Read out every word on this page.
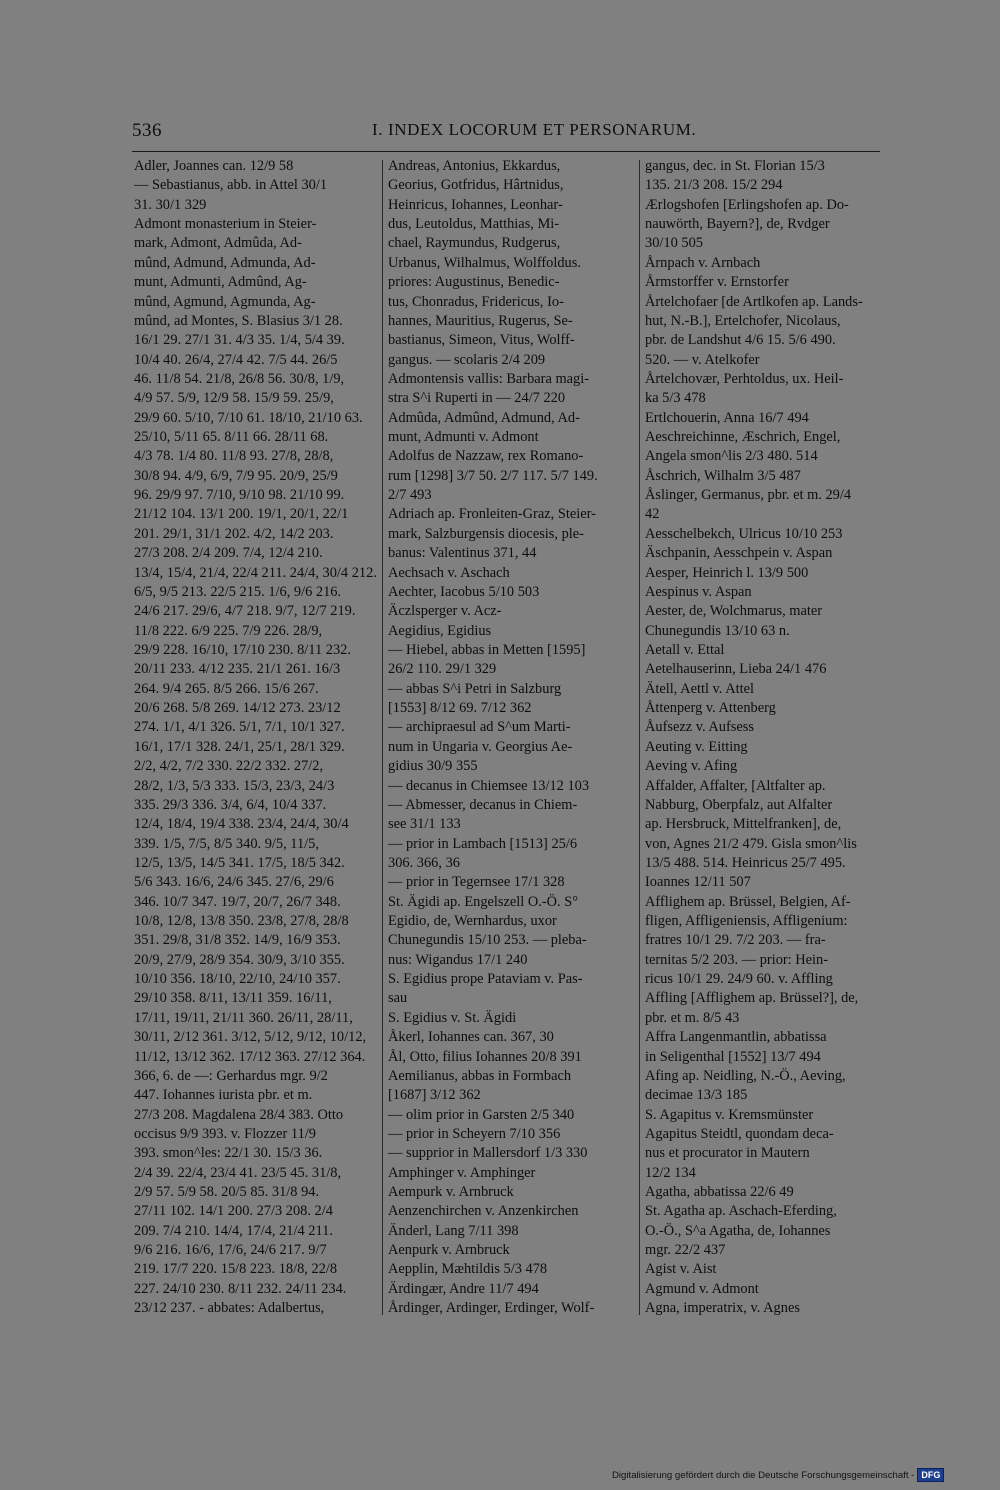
536	I. INDEX LOCORUM ET PERSONARUM.
Adler, Joannes can. 12/9 58
— Sebastianus, abb. in Attel 30/1
31. 30/1 329
Admont monasterium in Steier-
mark, Admont, Admûda, Ad-
mûnd, Admund, Admunda, Ad-
munt, Admunti, Admûnd, Ag-
mûnd, Agmund, Agmunda, Ag-
mûnd, ad Montes, S. Blasius 3/1 28.
16/1 29. 27/1 31. 4/3 35. 1/4, 5/4 39.
10/4 40. 26/4, 27/4 42. 7/5 44. 26/5
46. 11/8 54. 21/8, 26/8 56. 30/8, 1/9,
4/9 57. 5/9, 12/9 58. 15/9 59. 25/9,
29/9 60. 5/10, 7/10 61. 18/10, 21/10 63.
25/10, 5/11 65. 8/11 66. 28/11 68.
4/3 78. 1/4 80. 11/8 93. 27/8, 28/8,
30/8 94. 4/9, 6/9, 7/9 95. 20/9, 25/9
96. 29/9 97. 7/10, 9/10 98. 21/10 99.
21/12 104. 13/1 200. 19/1, 20/1, 22/1
201. 29/1, 31/1 202. 4/2, 14/2 203.
27/3 208. 2/4 209. 7/4, 12/4 210.
13/4, 15/4, 21/4, 22/4 211. 24/4, 30/4 212.
6/5, 9/5 213. 22/5 215. 1/6, 9/6 216.
24/6 217. 29/6, 4/7 218. 9/7, 12/7 219.
11/8 222. 6/9 225. 7/9 226. 28/9,
29/9 228. 16/10, 17/10 230. 8/11 232.
20/11 233. 4/12 235. 21/1 261. 16/3
264. 9/4 265. 8/5 266. 15/6 267.
20/6 268. 5/8 269. 14/12 273. 23/12
274. 1/1, 4/1 326. 5/1, 7/1, 10/1 327.
16/1, 17/1 328. 24/1, 25/1, 28/1 329.
2/2, 4/2, 7/2 330. 22/2 332. 27/2,
28/2, 1/3, 5/3 333. 15/3, 23/3, 24/3
335. 29/3 336. 3/4, 6/4, 10/4 337.
12/4, 18/4, 19/4 338. 23/4, 24/4, 30/4
339. 1/5, 7/5, 8/5 340. 9/5, 11/5,
12/5, 13/5, 14/5 341. 17/5, 18/5 342.
5/6 343. 16/6, 24/6 345. 27/6, 29/6
346. 10/7 347. 19/7, 20/7, 26/7 348.
10/8, 12/8, 13/8 350. 23/8, 27/8, 28/8
351. 29/8, 31/8 352. 14/9, 16/9 353.
20/9, 27/9, 28/9 354. 30/9, 3/10 355.
10/10 356. 18/10, 22/10, 24/10 357.
29/10 358. 8/11, 13/11 359. 16/11,
17/11, 19/11, 21/11 360. 26/11, 28/11,
30/11, 2/12 361. 3/12, 5/12, 9/12, 10/12,
11/12, 13/12 362. 17/12 363. 27/12 364.
366, 6. de —: Gerhardus mgr. 9/2
447. Iohannes iurista pbr. et m.
27/3 208. Magdalena 28/4 383. Otto
occisus 9/9 393. v. Flozzer 11/9
393. smon^les: 22/1 30. 15/3 36.
2/4 39. 22/4, 23/4 41. 23/5 45. 31/8,
2/9 57. 5/9 58. 20/5 85. 31/8 94.
27/11 102. 14/1 200. 27/3 208. 2/4
209. 7/4 210. 14/4, 17/4, 21/4 211.
9/6 216. 16/6, 17/6, 24/6 217. 9/7
219. 17/7 220. 15/8 223. 18/8, 22/8
227. 24/10 230. 8/11 232. 24/11 234.
23/12 237. - abbates: Adalbertus,
Andreas, Antonius, Ekkardus,
Georius, Gotfridus, Hârtnidus,
Heinricus, Iohannes, Leonhar-
dus, Leutoldus, Matthias, Mi-
chael, Raymundus, Rudgerus,
Urbanus, Wilhalmus, Wolffoldus.
priores: Augustinus, Benedic-
tus, Chonradus, Fridericus, Io-
hannes, Mauritius, Rugerus, Se-
bastianus, Simeon, Vitus, Wolff-
gangus. — scolaris 2/4 209
Admontensis vallis: Barbara magi-
stra S^i Ruperti in — 24/7 220
Admûda, Admûnd, Admund, Ad-
munt, Admunti v. Admont
Adolfus de Nazzaw, rex Romano-
rum [1298] 3/7 50. 2/7 117. 5/7 149.
2/7 493
Adriach ap. Fronleiten-Graz, Steier-
mark, Salzburgensis diocesis, ple-
banus: Valentinus 371, 44
Aechsach v. Aschach
Aechter, Iacobus 5/10 503
Äczlsperger v. Acz-
Aegidius, Egidius
— Hiebel, abbas in Metten [1595]
26/2 110. 29/1 329
— abbas S^i Petri in Salzburg
[1553] 8/12 69. 7/12 362
— archipraesul ad S^um Marti-
num in Ungaria v. Georgius Ae-
gidius 30/9 355
— decanus in Chiemsee 13/12 103
— Abmesser, decanus in Chiem-
see 31/1 133
— prior in Lambach [1513] 25/6
306. 366, 36
— prior in Tegernsee 17/1 328
St. Ägidi ap. Engelszell O.-Ö. S°
Egidio, de, Wernhardus, uxor
Chunegundis 15/10 253. — pleba-
nus: Wigandus 17/1 240
S. Egidius prope Pataviam v. Pas-
sau
S. Egidius v. St. Ägidi
Åkerl, Iohannes can. 367, 30
Ål, Otto, filius Iohannes 20/8 391
Aemilianus, abbas in Formbach
[1687] 3/12 362
— olim prior in Garsten 2/5 340
— prior in Scheyern 7/10 356
— supprior in Mallersdorf 1/3 330
Amphinger v. Amphinger
Aempurk v. Arnbruck
Aenzenchirchen v. Anzenkirchen
Änderl, Lang 7/11 398
Aenpurk v. Arnbruck
Aepplin, Mæhtildis 5/3 478
Ärdingær, Andre 11/7 494
Årdinger, Ardinger, Erdinger, Wolf-
gangus, dec. in St. Florian 15/3
135. 21/3 208. 15/2 294
Ærlogshofen [Erlingshofen ap. Do-
nauwörth, Bayern?], de, Rvdger
30/10 505
Årnpach v. Arnbach
Årmstorffer v. Ernstorfer
Årtelchofaer [de Artlkofen ap. Lands-
hut, N.-B.], Ertelchofer, Nicolaus,
pbr. de Landshut 4/6 15. 5/6 490.
520. — v. Atelkofer
Årtelchovær, Perhtoldus, ux. Heil-
ka 5/3 478
Ertlchouerin, Anna 16/7 494
Aeschreichinne, Æschrich, Engel,
Angela smon^lis 2/3 480. 514
Åschrich, Wilhalm 3/5 487
Åslinger, Germanus, pbr. et m. 29/4
42
Aesschelbekch, Ulricus 10/10 253
Äschpanin, Aesschpein v. Aspan
Aesper, Heinrich l. 13/9 500
Aespinus v. Aspan
Aester, de, Wolchmarus, mater
Chunegundis 13/10 63 n.
Aetall v. Ettal
Aetelhauserinn, Lieba 24/1 476
Ätell, Aettl v. Attel
Åttenperg v. Attenberg
Åufsezz v. Aufsess
Aeuting v. Eitting
Aeving v. Afing
Affalder, Affalter, [Altfalter ap.
Nabburg, Oberpfalz, aut Alfalter
ap. Hersbruck, Mittelfranken], de,
von, Agnes 21/2 479. Gisla smon^lis
13/5 488. 514. Heinricus 25/7 495.
Ioannes 12/11 507
Afflighem ap. Brüssel, Belgien, Af-
fligen, Affligeniensis, Affligenium:
fratres 10/1 29. 7/2 203. — fra-
ternitas 5/2 203. — prior: Hein-
ricus 10/1 29. 24/9 60. v. Affling
Affling [Afflighem ap. Brüssel?], de,
pbr. et m. 8/5 43
Affra Langenmantlin, abbatissa
in Seligenthal [1552] 13/7 494
Afing ap. Neidling, N.-Ö., Aeving,
decimae 13/3 185
S. Agapitus v. Kremsmünster
Agapitus Steidtl, quondam deca-
nus et procurator in Mautern
12/2 134
Agatha, abbatissa 22/6 49
St. Agatha ap. Aschach-Eferding,
O.-Ö., S^a Agatha, de, Iohannes
mgr. 22/2 437
Agist v. Aist
Agmund v. Admont
Agna, imperatrix, v. Agnes
Digitalisierung gefördert durch die Deutsche Forschungsgemeinschaft - DFG
